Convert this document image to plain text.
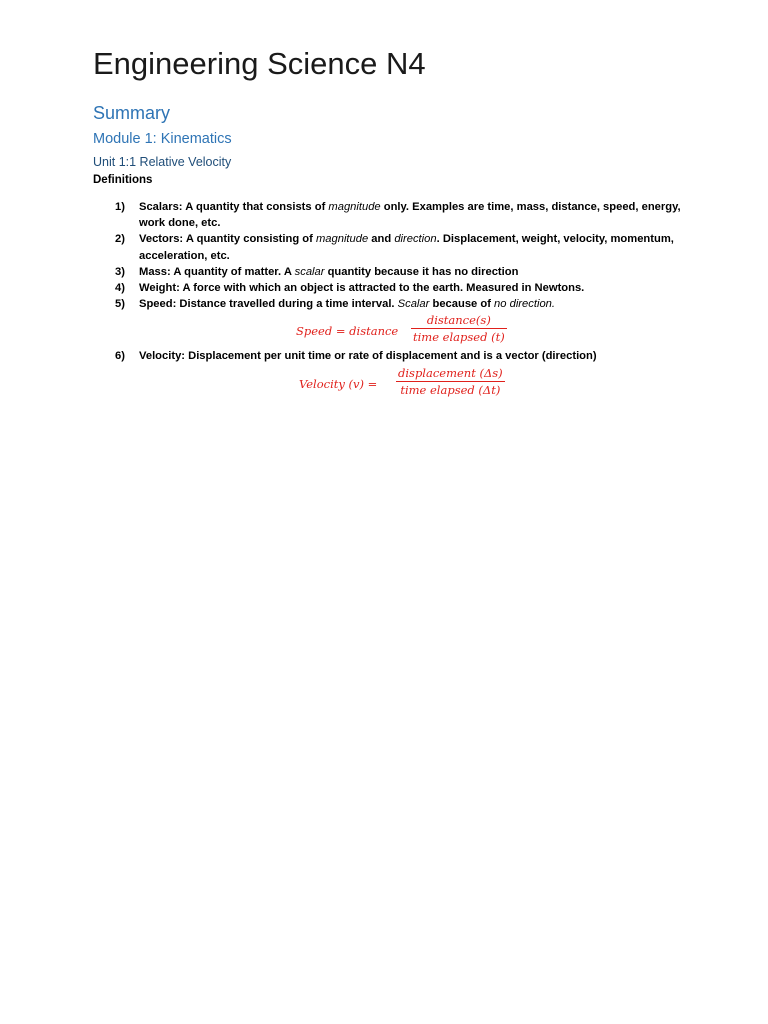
Engineering Science N4
Summary
Module 1: Kinematics
Unit 1:1 Relative Velocity
Definitions
1) Scalars: A quantity that consists of magnitude only. Examples are time, mass, distance, speed, energy, work done, etc.
2) Vectors: A quantity consisting of magnitude and direction. Displacement, weight, velocity, momentum, acceleration, etc.
3) Mass: A quantity of matter. A scalar quantity because it has no direction
4) Weight: A force with which an object is attracted to the earth. Measured in Newtons.
5) Speed: Distance travelled during a time interval. Scalar because of no direction.
Speed = distance
distance(s)
time elapsed (t)
6) Velocity: Displacement per unit time or rate of displacement and is a vector (direction)
Velocity (v) =
displacement (Δs)
time elapsed (Δt)
